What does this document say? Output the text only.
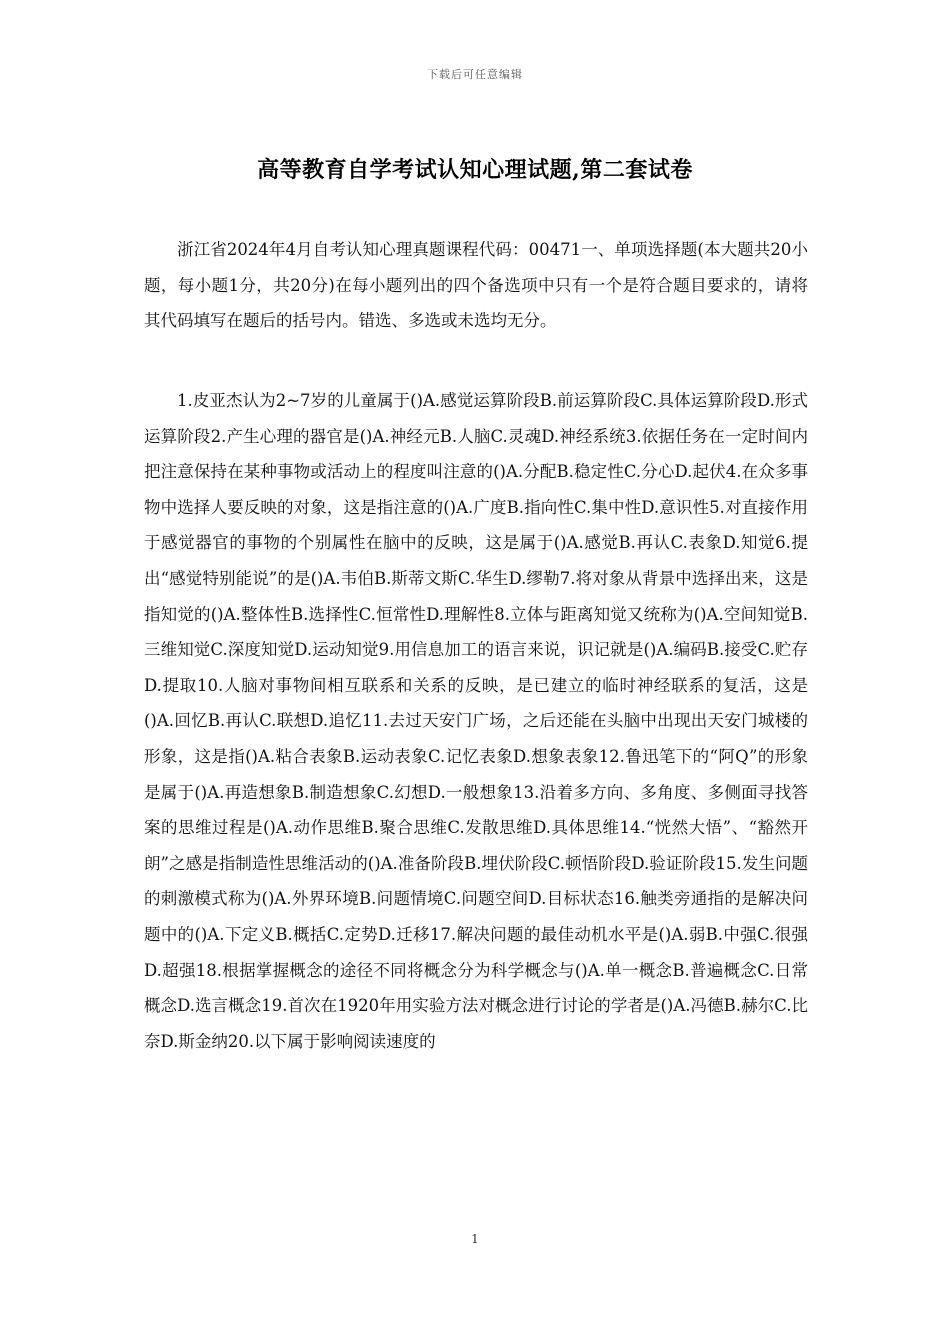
下载后可任意编辑
高等教育自学考试认知心理试题,第二套试卷

浙江省2024年4月自考认知心理真题课程代码：00471一、单项选择题(本大题共20小题，每小题1分，共20分)在每小题列出的四个备选项中只有一个是符合题目要求的，请将其代码填写在题后的括号内。错选、多选或未选均无分。

1.皮亚杰认为2~7岁的儿童属于()A.感觉运算阶段B.前运算阶段C.具体运算阶段D.形式运算阶段2.产生心理的器官是()A.神经元B.人脑C.灵魂D.神经系统3.依据任务在一定时间内把注意保持在某种事物或活动上的程度叫注意的()A.分配B.稳定性C.分心D.起伏4.在众多事物中选择人要反映的对象，这是指注意的()A.广度B.指向性C.集中性D.意识性5.对直接作用于感觉器官的事物的个别属性在脑中的反映，这是属于()A.感觉B.再认C.表象D.知觉6.提出“感觉特别能说”的是()A.韦伯B.斯蒂文斯C.华生D.缪勒7.将对象从背景中选择出来，这是指知觉的()A.整体性B.选择性C.恒常性D.理解性8.立体与距离知觉又统称为()A.空间知觉B.三维知觉C.深度知觉D.运动知觉9.用信息加工的语言来说，识记就是()A.编码B.接受C.贮存D.提取10.人脑对事物间相互联系和关系的反映，是已建立的临时神经联系的复活，这是()A.回忆B.再认C.联想D.追忆11.去过天安门广场，之后还能在头脑中出现出天安门城楼的形象，这是指()A.粘合表象B.运动表象C.记忆表象D.想象表象12.鲁迅笔下的“阿Q”的形象是属于()A.再造想象B.制造想象C.幻想D.一般想象13.沿着多方向、多角度、多侧面寻找答案的思维过程是()A.动作思维B.聚合思维C.发散思维D.具体思维14.“恍然大悟”、“豁然开朗”之感是指制造性思维活动的()A.准备阶段B.埋伏阶段C.顿悟阶段D.验证阶段15.发生问题的刺激模式称为()A.外界环境B.问题情境C.问题空间D.目标状态16.触类旁通指的是解决问题中的()A.下定义B.概括C.定势D.迁移17.解决问题的最佳动机水平是()A.弱B.中强C.很强D.超强18.根据掌握概念的途径不同将概念分为科学概念与()A.单一概念B.普遍概念C.日常概念D.选言概念19.首次在1920年用实验方法对概念进行讨论的学者是()A.冯德B.赫尔C.比奈D.斯金纳20.以下属于影响阅读速度的

1
